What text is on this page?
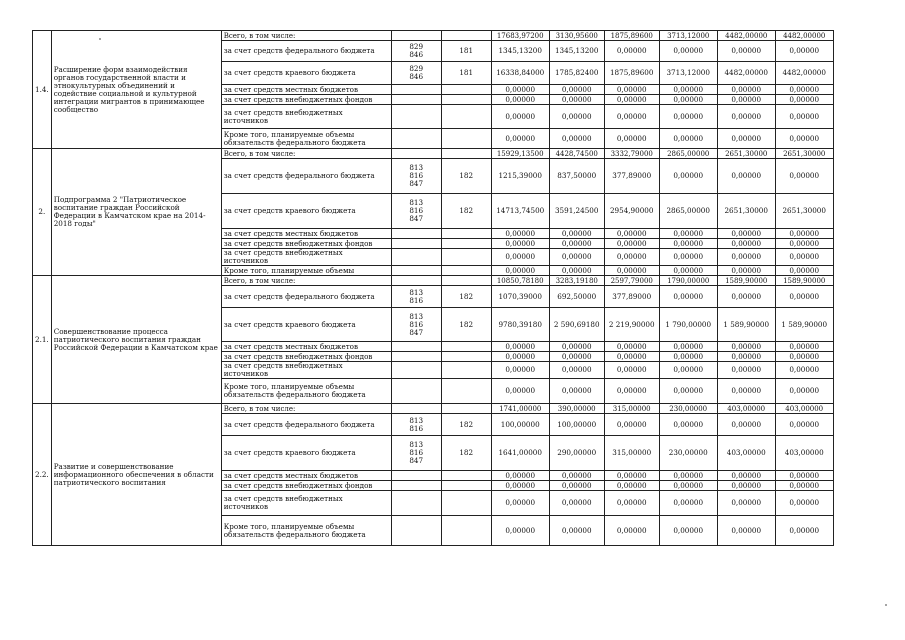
1.4.	Расширение форм взаимодействия органов государственной власти и этнокультурных объединений и содействие социальной и культурной интеграции мигрантов в принимающее сообщество	Всего, в том числе:			17683,97200	3130,95600	1875,89600	3713,12000	4482,00000	4482,00000
		за счет средств федерального бюджета	829
846	181	1345,13200	1345,13200	0,00000	0,00000	0,00000	0,00000
		за счет средств краевого бюджета	829
846	181	16338,84000	1785,82400	1875,89600	3713,12000	4482,00000	4482,00000
		за счет средств местных бюджетов			0,00000	0,00000	0,00000	0,00000	0,00000	0,00000
		за счет средств внебюджетных фондов			0,00000	0,00000	0,00000	0,00000	0,00000	0,00000
		за счет средств внебюджетных источников			0,00000	0,00000	0,00000	0,00000	0,00000	0,00000
		Кроме того, планируемые объемы обязательств федерального бюджета			0,00000	0,00000	0,00000	0,00000	0,00000	0,00000
2.	Подпрограмма 2 "Патриотическое воспитание граждан Российской Федерации в Камчатском крае на 2014-2018 годы"	Всего, в том числе:			15929,13500	4428,74500	3332,79000	2865,00000	2651,30000	2651,30000
		за счет средств федерального бюджета	813
816
847	182	1215,39000	837,50000	377,89000	0,00000	0,00000	0,00000
		за счет средств краевого бюджета	813
816
847	182	14713,74500	3591,24500	2954,90000	2865,00000	2651,30000	2651,30000
		за счет средств местных бюджетов			0,00000	0,00000	0,00000	0,00000	0,00000	0,00000
		за счет средств внебюджетных фондов			0,00000	0,00000	0,00000	0,00000	0,00000	0,00000
		за счет средств внебюджетных источников			0,00000	0,00000	0,00000	0,00000	0,00000	0,00000
		Кроме того, планируемые объемы			0,00000	0,00000	0,00000	0,00000	0,00000	0,00000
2.1.	Совершенствование процесса патриотического воспитания граждан Российской Федерации в Камчатском крае	Всего, в том числе:			10850,78180	3283,19180	2597,79000	1790,00000	1589,90000	1589,90000
		за счет средств федерального бюджета	813
816	182	1070,39000	692,50000	377,89000	0,00000	0,00000	0,00000
		за счет средств краевого бюджета	813
816
847	182	9780,39180	2 590,69180	2 219,90000	1 790,00000	1 589,90000	1 589,90000
		за счет средств местных бюджетов			0,00000	0,00000	0,00000	0,00000	0,00000	0,00000
		за счет средств внебюджетных фондов			0,00000	0,00000	0,00000	0,00000	0,00000	0,00000
		за счет средств внебюджетных источников			0,00000	0,00000	0,00000	0,00000	0,00000	0,00000
		Кроме того, планируемые объемы обязательств федерального бюджета			0,00000	0,00000	0,00000	0,00000	0,00000	0,00000
2.2.	Развитие и совершенствование информационного обеспечения в области патриотического воспитания	Всего, в том числе:			1741,00000	390,00000	315,00000	230,00000	403,00000	403,00000
		за счет средств федерального бюджета	813
816	182	100,00000	100,00000	0,00000	0,00000	0,00000	0,00000
		за счет средств краевого бюджета	813
816
847	182	1641,00000	290,00000	315,00000	230,00000	403,00000	403,00000
		за счет средств местных бюджетов			0,00000	0,00000	0,00000	0,00000	0,00000	0,00000
		за счет средств внебюджетных фондов			0,00000	0,00000	0,00000	0,00000	0,00000	0,00000
		за счет средств внебюджетных источников			0,00000	0,00000	0,00000	0,00000	0,00000	0,00000
		Кроме того, планируемые объемы обязательств федерального бюджета			0,00000	0,00000	0,00000	0,00000	0,00000	0,00000
